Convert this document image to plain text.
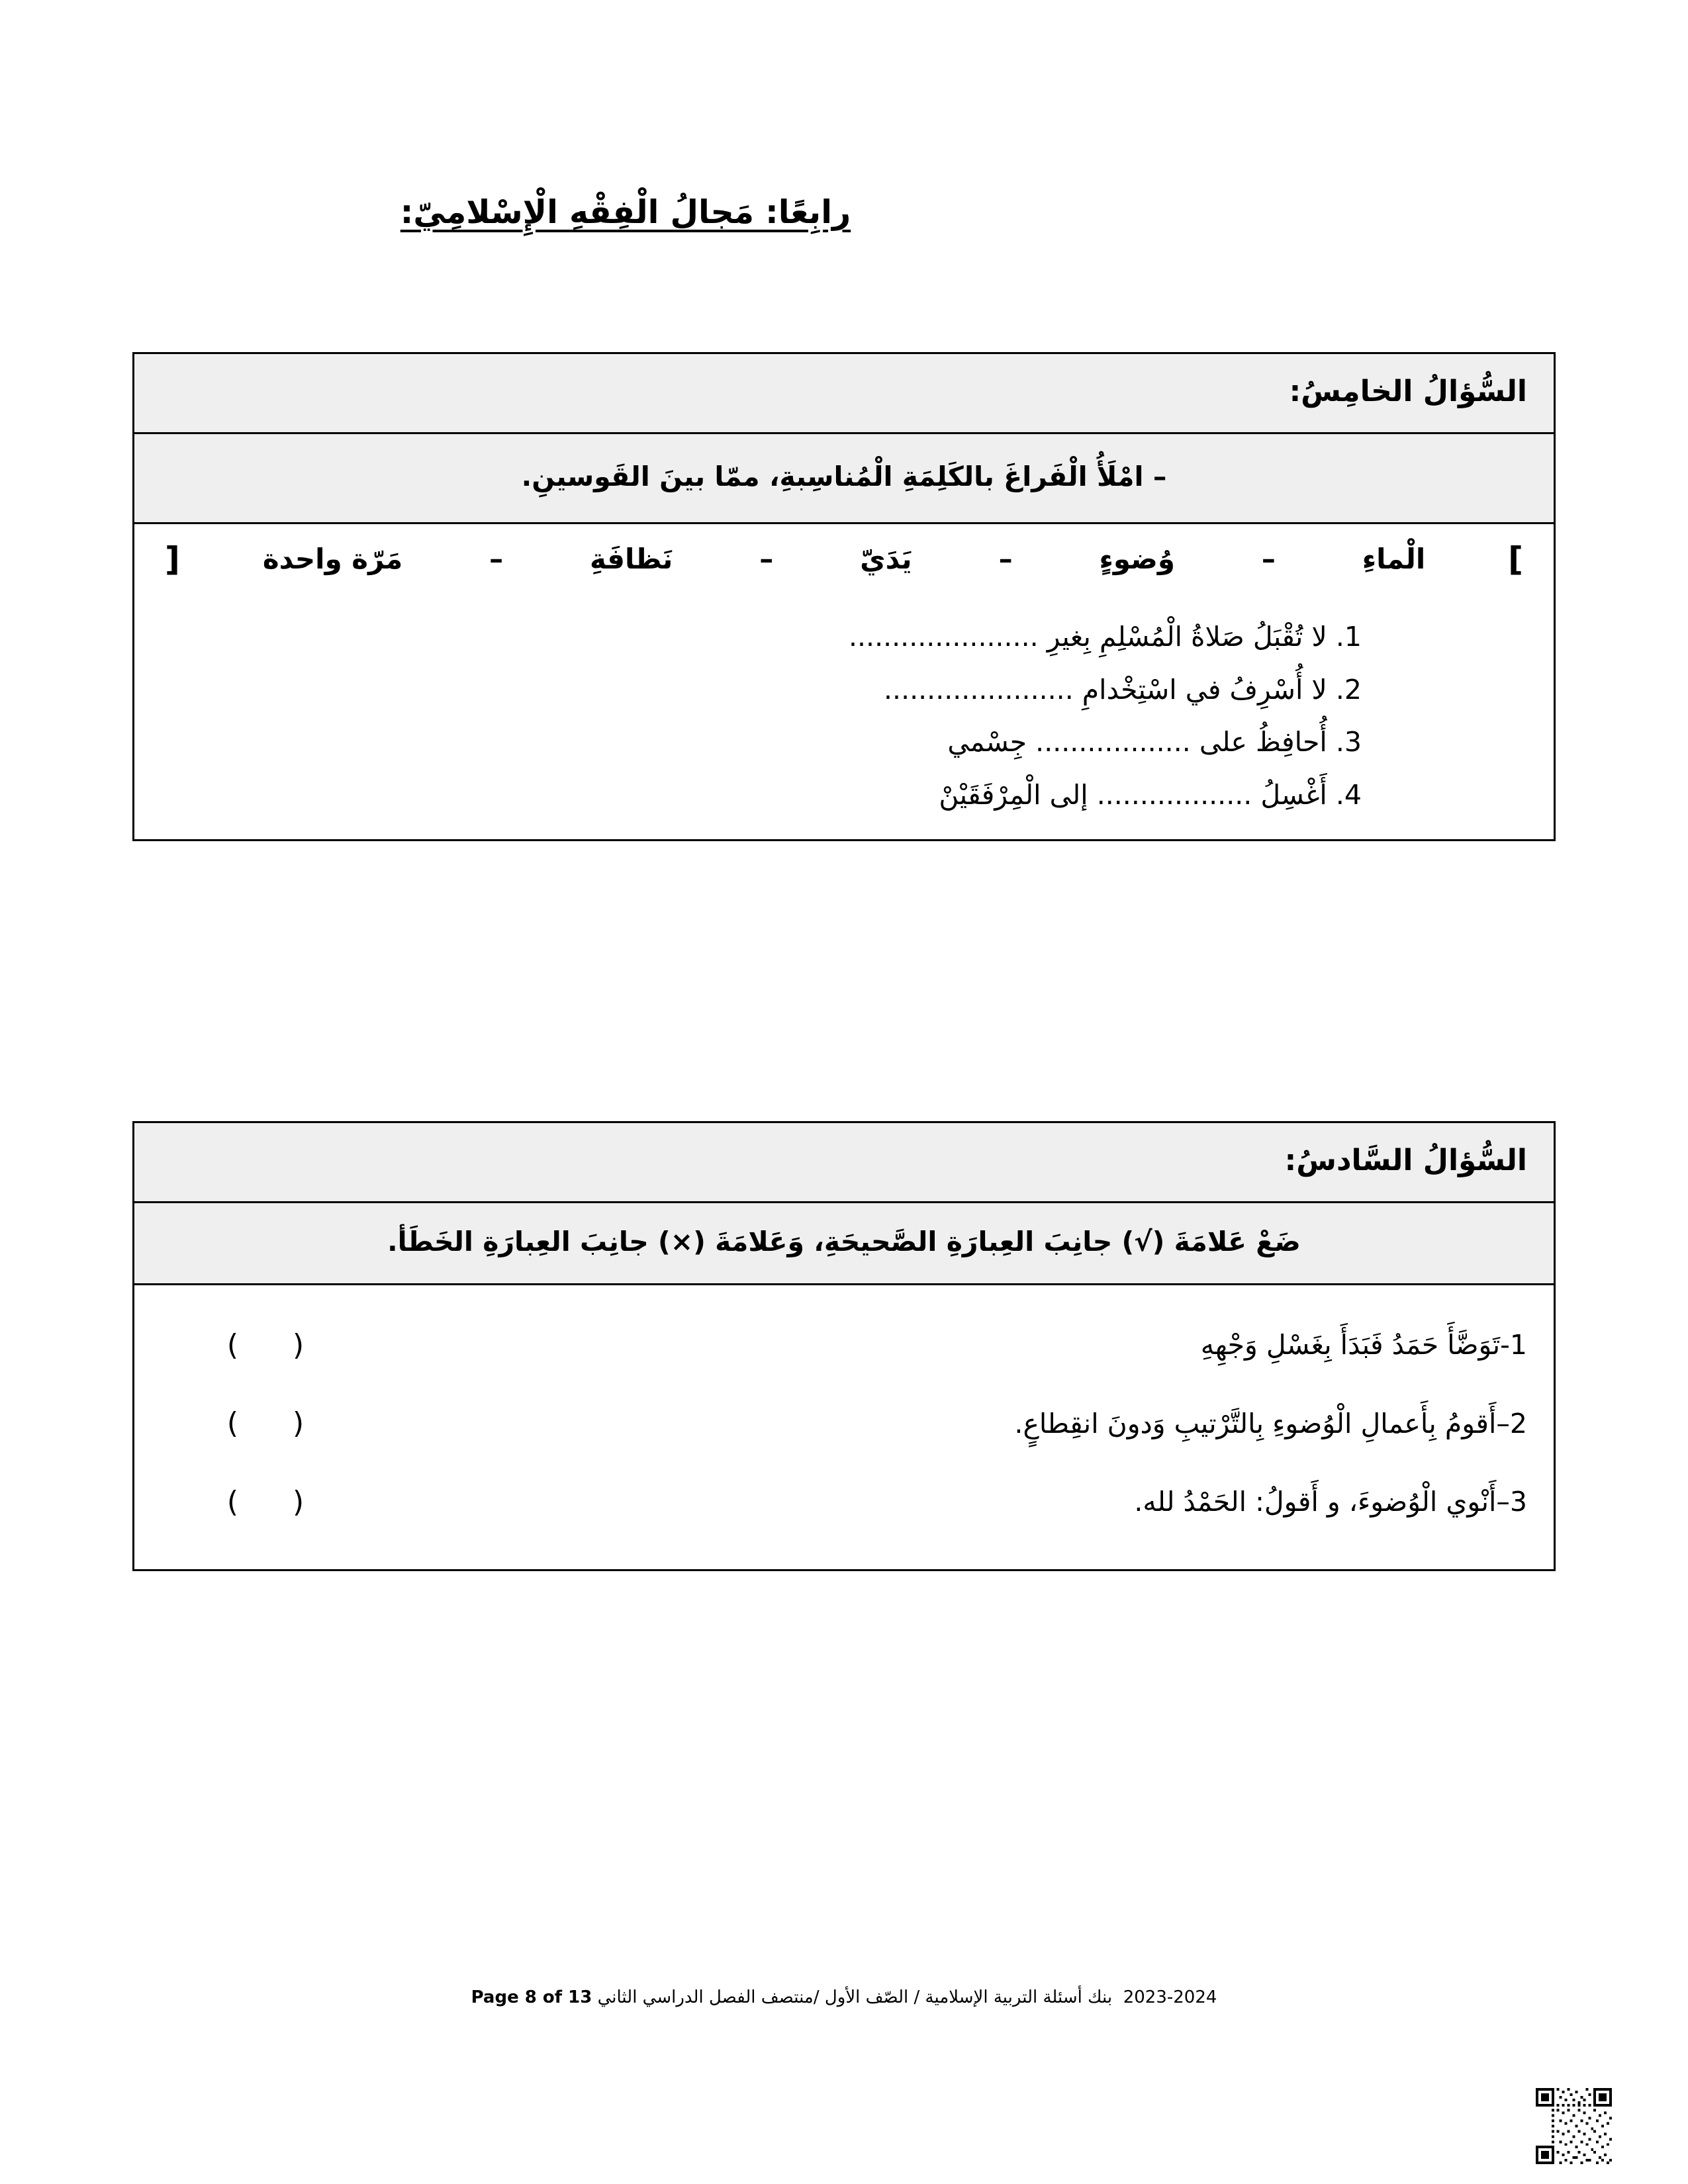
رابِعًا: مَجالُ الْفِقْهِ الْإِسْلامِيّ:
السُّؤالُ الخامِسُ:
– امْلَأُ الْفَراغَ بالكَلِمَةِ الْمُناسِبةِ، ممّا بينَ القَوسينِ.
]
الْماءِ
–
وُضوءٍ
–
يَدَيّ
–
نَظافَةِ
–
مَرّة واحدة
[
1. لا تُقْبَلُ صَلاةُ الْمُسْلِمِ بِغيرِ ......................
2. لا أُسْرِفُ في اسْتِخْدامِ ......................
3. أُحافِظُ على .................. جِسْمي
4. أَغْسِلُ .................. إلى الْمِرْفَقَيْنْ
السُّؤالُ السَّادسُ:
ضَعْ عَلامَةَ (√) جانِبَ العِبارَةِ الصَّحيحَةِ، وَعَلامَةَ (×) جانِبَ العِبارَةِ الخَطَأ.
1-تَوَضَّأَ حَمَدُ فَبَدَأَ بِغَسْلِ وَجْهِهِ
( )
2–أَقومُ بِأَعمالِ الْوُضوءِ بِالتَّرْتيبِ وَدونَ انقِطاعٍ.
( )
3–أَنْوي الْوُضوءَ، و أَقولُ: الحَمْدُ لله.
( )
2023-2024  بنك أسئلة التربية الإسلامية / الصّف الأول /منتصف الفصل الدراسي الثاني Page 8 of 13
